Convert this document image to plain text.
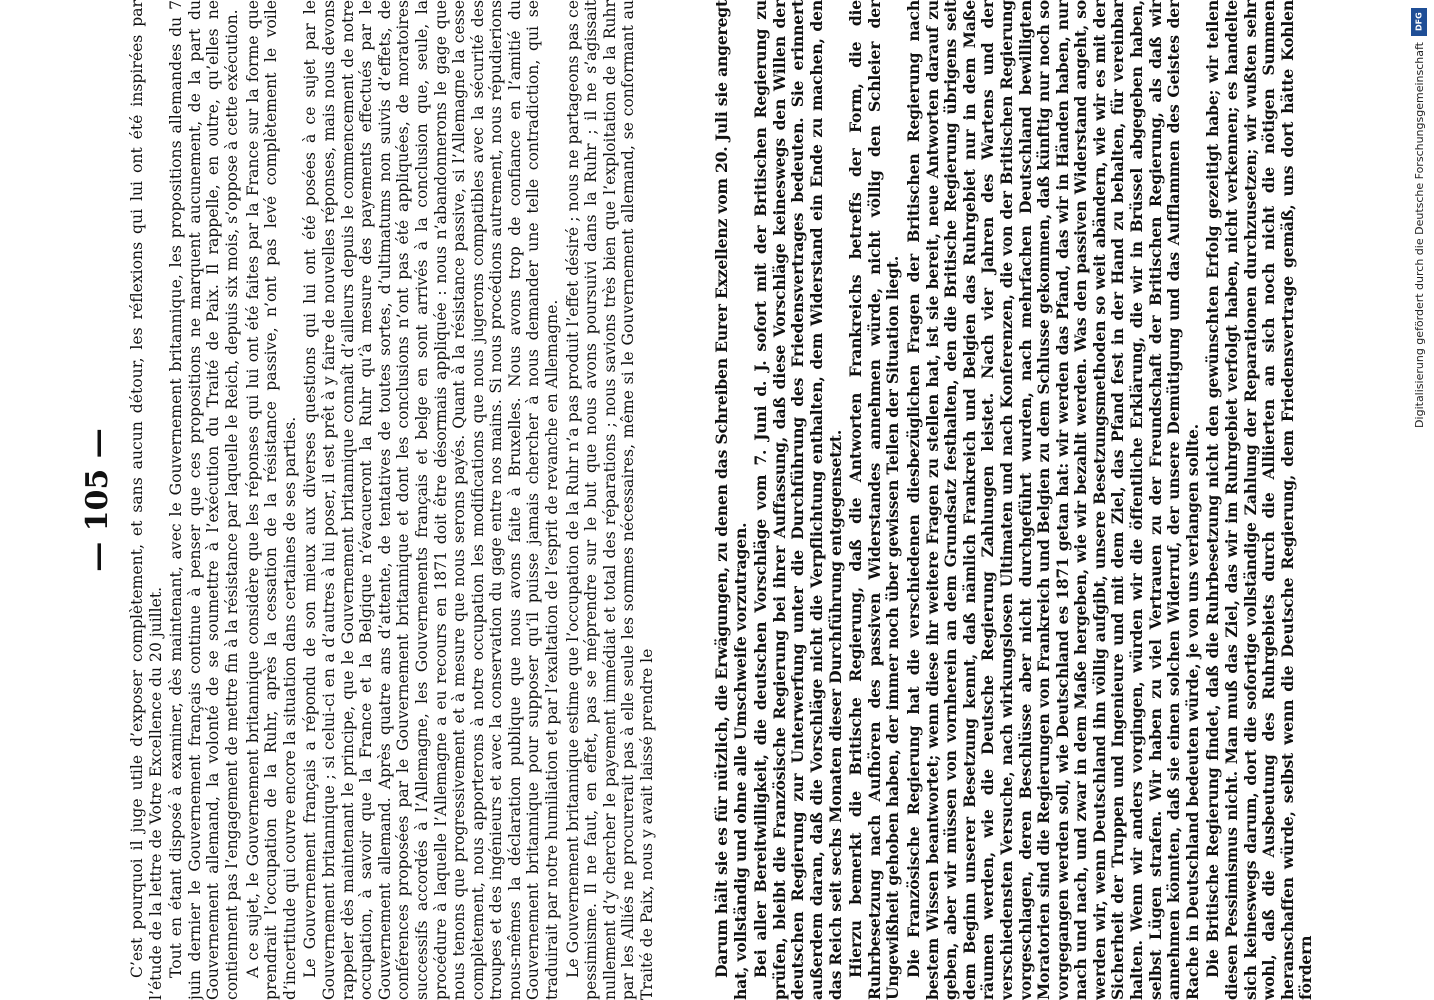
— 105 — C’est pourquoi il juge utile d’exposer complètement, et sans aucun détour, les réflexions qui lui ont été inspirées par l’étude de la lettre de Votre Excellence du 20 juillet. Tout en étant disposé à examiner, dès maintenant, avec le Gouvernement britannique, les propositions allemandes du 7 juin dernier le Gouvernement français continue à penser que ces propositions ne marquent aucunement, de la part du Gouvernement allemand, la volonté de se soumettre à l’exécution du Traité de Paix. Il rappelle, en outre, qu’elles ne contiennent pas l’engagement de mettre fin à la résistance par laquelle le Reich, depuis six mois, s’oppose à cette exécution. A ce sujet, le Gouvernement britannique considère que les réponses qui lui ont été faites par la France sur la forme que prendrait l’occupation de la Ruhr, après la cessation de la résistance passive, n’ont pas levé complètement le voile d’incertitude qui couvre encore la situation dans certaines de ses parties. Le Gouvernement français a répondu de son mieux aux diverses questions qui lui ont été posées à ce sujet par le Gouvernement britannique ; si celui-ci en a d’autres à lui poser, il est prêt à y faire de nouvelles réponses, mais nous devons rappeler dès maintenant le principe, que le Gouvernement britannique connaît d’ailleurs depuis le commencement de notre occupation, à savoir que la France et la Belgique n’évacueront la Ruhr qu’à mesure des payements effectués par le Gouvernement allemand. Après quatre ans d’attente, de tentatives de toutes sortes, d’ultimatums non suivis d’effets, de conférences proposées par le Gouvernement britannique et dont les conclusions n’ont pas été appliquées, de moratoires successifs accordés à l’Allemagne, les Gouvernements français et belge en sont arrivés à la conclusion que, seule, la procédure à laquelle l’Allemagne a eu recours en 1871 doit être désormais appliquée : nous n’abandonnerons le gage que nous tenons que progressivement et à mesure que nous serons payés. Quant à la résistance passive, si l’Allemagne la cesse complètement, nous apporterons à notre occupation les modifications que nous jugerons compatibles avec la sécurité des troupes et des ingénieurs et avec la conservation du gage entre nos mains. Si nous procédions autrement, nous répudierions nous-mêmes la déclaration publique que nous avons faite à Bruxelles. Nous avons trop de confiance en l’amitié du Gouvernement britannique pour supposer qu’il puisse jamais chercher à nous demander une telle contradiction, qui se traduirait par notre humiliation et par l’exaltation de l’esprit de revanche en Allemagne. Le Gouvernement britannique estime que l’occupation de la Ruhr n’a pas produit l’effet désiré ; nous ne partageons pas ce pessimisme. Il ne faut, en effet, pas se méprendre sur le but que nous avons poursuivi dans la Ruhr ; il ne s’agissait nullement d’y chercher le payement immédiat et total des réparations ; nous savions très bien que l’exploitation de la Ruhr par les Alliés ne procurerait pas à elle seule les sommes nécessaires, même si le Gouvernement allemand, se conformant au Traité de Paix, nous y avait laissé prendre le	Darum hält sie es für nützlich, die Erwägungen, zu denen das Schreiben Eurer Exzellenz vom 20. Juli sie angeregt hat, vollständig und ohne alle Umschweife vorzutragen. Bei aller Bereitwilligkeit, die deutschen Vorschläge vom 7. Juni d. J. sofort mit der Britischen Regierung zu prüfen, bleibt die Französische Regierung bei ihrer Auffassung, daß diese Vorschläge keineswegs den Willen der deutschen Regierung zur Unterwerfung unter die Durchführung des Friedensvertrages bedeuten. Sie erinnert außerdem daran, daß die Vorschläge nicht die Verpflichtung enthalten, dem Widerstand ein Ende zu machen, den das Reich seit sechs Monaten dieser Durchführung entgegensetzt. Hierzu bemerkt die Britische Regierung, daß die Antworten Frankreichs betreffs der Form, die die Ruhrbesetzung nach Aufhören des passiven Widerstandes annehmen würde, nicht völlig den Schleier der Ungewißheit gehoben haben, der immer noch über gewissen Teilen der Situation liegt. Die Französische Regierung hat die verschiedenen diesbezüglichen Fragen der Britischen Regierung nach bestem Wissen beantwortet; wenn diese ihr weitere Fragen zu stellen hat, ist sie bereit, neue Antworten darauf zu geben, aber wir müssen von vornherein an dem Grundsatz festhalten, den die Britische Regierung übrigens seit dem Beginn unserer Besetzung kennt, daß nämlich Frankreich und Belgien das Ruhrgebiet nur in dem Maße räumen werden, wie die Deutsche Regierung Zahlungen leistet. Nach vier Jahren des Wartens und der verschiedensten Versuche, nach wirkungslosen Ultimaten und nach Konferenzen, die von der Britischen Regierung vorgeschlagen, deren Beschlüsse aber nicht durchgeführt wurden, nach mehrfachen Deutschland bewilligten Moratorien sind die Regierungen von Frankreich und Belgien zu dem Schlusse gekommen, daß künftig nur noch so vorgegangen werden soll, wie Deutschland es 1871 getan hat: wir werden das Pfand, das wir in Händen haben, nur nach und nach, und zwar in dem Maße hergeben, wie wir bezahlt werden. Was den passiven Widerstand angeht, so werden wir, wenn Deutschland ihn völlig aufgibt, unsere Besetzungsmethoden so weit abändern, wie wir es mit der Sicherheit der Truppen und Ingenieure und mit dem Ziel, das Pfand fest in der Hand zu behalten, für vereinbar halten. Wenn wir anders vorgingen, würden wir die öffentliche Erklärung, die wir in Brüssel abgegeben haben, selbst Lügen strafen. Wir haben zu viel Vertrauen zu der Freundschaft der Britischen Regierung, als daß wir annehmen könnten, daß sie einen solchen Widerruf, der unsere Demütigung und das Aufflammen des Geistes der Rache in Deutschland bedeuten würde, je von uns verlangen sollte. Die Britische Regierung findet, daß die Ruhrbesetzung nicht den gewünschten Erfolg gezeitigt habe; wir teilen diesen Pessimismus nicht. Man muß das Ziel, das wir im Ruhrgebiet verfolgt haben, nicht verkennen; es handelte sich keineswegs darum, dort die sofortige vollständige Zahlung der Reparationen durchzusetzen; wir wußten sehr wohl, daß die Ausbeutung des Ruhrgebiets durch die Alliierten an sich noch nicht die nötigen Summen heranschaffen würde, selbst wenn die Deutsche Regierung, dem Friedensvertrage gemäß, uns dort hätte Kohlen fördern

DFG
Digitalisierung gefördert durch die Deutsche Forschungsgemeinschaft
